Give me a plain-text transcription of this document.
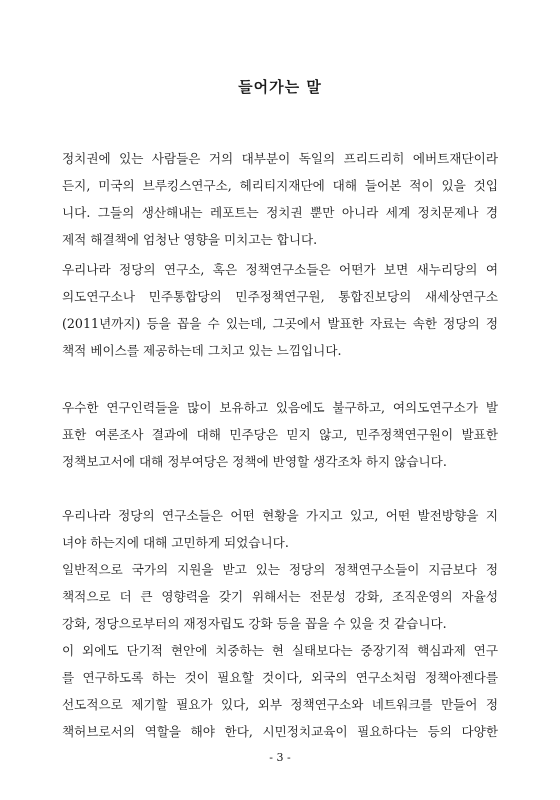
들어가는 말
정치권에 있는 사람들은 거의 대부분이 독일의 프리드리히 에버트재단이라
든지, 미국의 브루킹스연구소, 헤리티지재단에 대해 들어본 적이 있을 것입
니다. 그들의 생산해내는 레포트는 정치권 뿐만 아니라 세계 정치문제나 경
제적 해결책에 엄청난 영향을 미치고는 합니다.
우리나라 정당의 연구소, 혹은 정책연구소들은 어떤가 보면 새누리당의 여
의도연구소나 민주통합당의 민주정책연구원, 통합진보당의 새세상연구소
(2011년까지) 등을 꼽을 수 있는데, 그곳에서 발표한 자료는 속한 정당의 정
책적 베이스를 제공하는데 그치고 있는 느낌입니다.
우수한 연구인력들을 많이 보유하고 있음에도 불구하고, 여의도연구소가 발
표한 여론조사 결과에 대해 민주당은 믿지 않고, 민주정책연구원이 발표한
정책보고서에 대해 정부여당은 정책에 반영할 생각조차 하지 않습니다.
우리나라 정당의 연구소들은 어떤 현황을 가지고 있고, 어떤 발전방향을 지
녀야 하는지에 대해 고민하게 되었습니다.
일반적으로 국가의 지원을 받고 있는 정당의 정책연구소들이 지금보다 정
책적으로 더 큰 영향력을 갖기 위해서는 전문성 강화, 조직운영의 자율성
강화, 정당으로부터의 재정자립도 강화 등을 꼽을 수 있을 것 같습니다.
이 외에도 단기적 현안에 치중하는 현 실태보다는 중장기적 핵심과제 연구
를 연구하도록 하는 것이 필요할 것이다, 외국의 연구소처럼 정책아젠다를
선도적으로 제기할 필요가 있다, 외부 정책연구소와 네트워크를 만들어 정
책허브로서의 역할을 해야 한다, 시민정치교육이 필요하다는 등의 다양한
- 3 -
